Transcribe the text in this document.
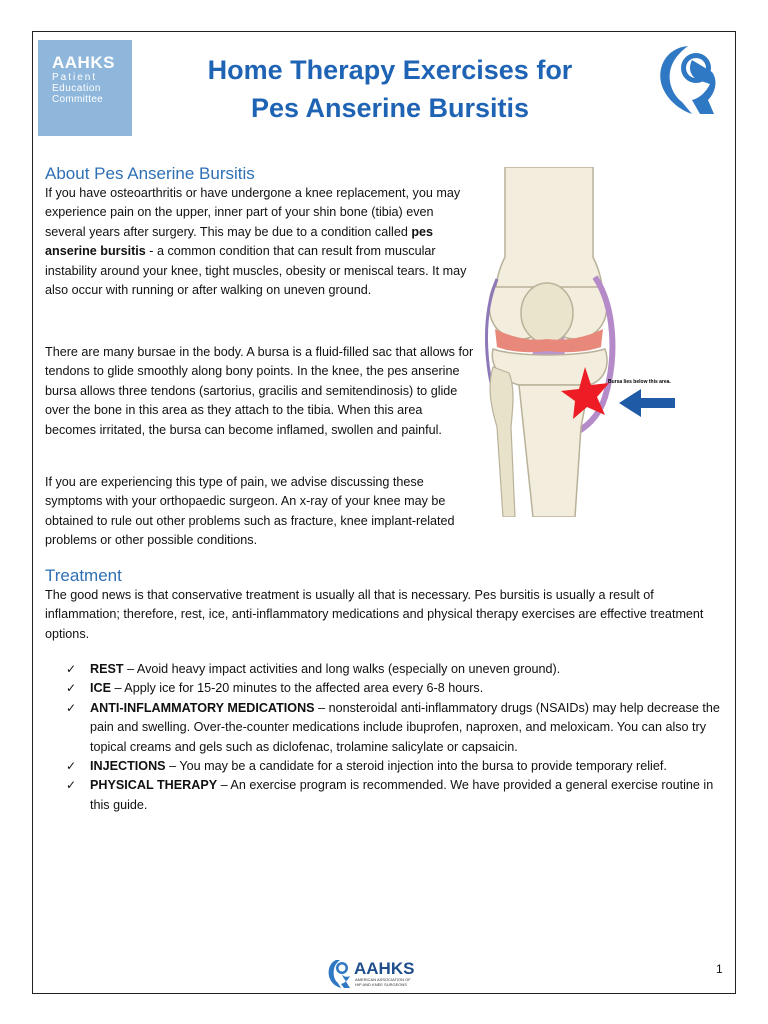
AAHKS
Patient
Education
Committee
Home Therapy Exercises for
Pes Anserine Bursitis
About Pes Anserine Bursitis

If you have osteoarthritis or have undergone a knee replacement, you may experience pain on the upper, inner part of your shin bone (tibia) even several years after surgery. This may be due to a condition called pes anserine bursitis - a common condition that can result from muscular instability around your knee, tight muscles, obesity or meniscal tears. It may also occur with running or after walking on uneven ground.

There are many bursae in the body. A bursa is a fluid-filled sac that allows for tendons to glide smoothly along bony points. In the knee, the pes anserine bursa allows three tendons (sartorius, gracilis and semitendinosis) to glide over the bone in this area as they attach to the tibia. When this area becomes irritated, the bursa can become inflamed, swollen and painful.

If you are experiencing this type of pain, we advise discussing these symptoms with your orthopaedic surgeon. An x-ray of your knee may be obtained to rule out other problems such as fracture, knee implant-related problems or other possible conditions.

Bursa lies below this area.
Treatment

The good news is that conservative treatment is usually all that is necessary. Pes bursitis is usually a result of inflammation; therefore, rest, ice, anti-inflammatory medications and physical therapy exercises are effective treatment options.

✓ REST – Avoid heavy impact activities and long walks (especially on uneven ground).
✓ ICE – Apply ice for 15-20 minutes to the affected area every 6-8 hours.
✓ ANTI-INFLAMMATORY MEDICATIONS – nonsteroidal anti-inflammatory drugs (NSAIDs) may help decrease the pain and swelling. Over-the-counter medications include ibuprofen, naproxen, and meloxicam. You can also try topical creams and gels such as diclofenac, trolamine salicylate or capsaicin.
✓ INJECTIONS – You may be a candidate for a steroid injection into the bursa to provide temporary relief.
✓ PHYSICAL THERAPY – An exercise program is recommended. We have provided a general exercise routine in this guide.
AAHKS
AMERICAN ASSOCIATION OF
HIP AND KNEE SURGEONS
1
